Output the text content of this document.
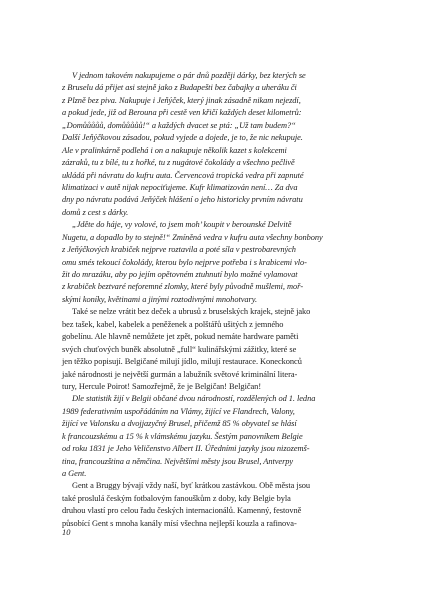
V jednom takovém nakupujeme o pár dnů později dárky, bez kterých se
z Bruselu dá přijet asi stejně jako z Budapešti bez čabajky a uheráku či
z Plzně bez piva. Nakupuje i Jeňýček, který jinak zásadně nikam nejezdí,
a pokud jede, již od Berouna při cestě ven křičí každých deset kilometrů:
„Domůůůůů, domůůůůů!“ a každých dvacet se ptá: „Už tam budem?“
Další Jeňýčkovou zásadou, pokud vyjede a dojede, je to, že nic nekupuje.
Ale v pralinkárně podlehá i on a nakupuje několik kazet s kolekcemi
zázraků, tu z bílé, tu z hořké, tu z nugátové čokolády a všechno pečlivě
ukládá při návratu do kufru auta. Červencová tropická vedra při zapnuté
klimatizaci v autě nijak nepociťujeme. Kufr klimatizován není… Za dva
dny po návratu podává Jeňýček hlášení o jeho historicky prvním návratu
domů z cest s dárky.
„Jděte do háje, vy volové, to jsem moh’ koupit v berounské Delvitě
Nugetu, a dopadlo by to stejně!“ Zmíněná vedra v kufru auta všechny bonbony
z Jeňýčkových krabiček nejprve roztavila a poté síla v pestrobarevných
omu smés tekoucí čokolády, kterou bylo nejprve potřeba i s krabicemi vlo-
žit do mrazáku, aby po jejím opětovném ztuhnutí bylo možné vylamovat
z krabiček beztvaré neforemné zlomky, které byly původně mušlemi, moř-
skými koníky, květinami a jinými roztodivnými mnohotvary.
Také se nelze vrátit bez deček a ubrusů z bruselských krajek, stejně jako
bez tašek, kabel, kabelek a peněženek a polštářů ušitých z jemného
gobelínu. Ale hlavně nemůžete jet zpět, pokud nemáte hardware paměti
svých chuťových buněk absolutně „full“ kulinářskými zážitky, které se
jen těžko popisují. Belgičané milují jídlo, milují restaurace. Koneckonců
jaké národnosti je největší gurmán a labužník světové kriminální litera-
tury, Hercule Poirot! Samozřejmě, že je Belgičan! Belgičan!
Dle statistik žijí v Belgii občané dvou národností, rozdělených od 1. ledna
1989 federativním uspořádáním na Vlámy, žijící ve Flandrech, Valony,
žijící ve Valonsku a dvojjazyčný Brusel, přičemž 85 % obyvatel se hlásí
k francouzskému a 15 % k vlámskému jazyku. Šestým panovníkem Belgie
od roku 1831 je Jeho Veličenstvo Albert II. Úředními jazyky jsou nizozemš-
tina, francouzština a němčina. Největšími městy jsou Brusel, Antverpy
a Gent.
Gent a Bruggy bývají vždy naší, byť krátkou zastávkou. Obě města jsou
také proslulá českým fotbalovým fanouškům z doby, kdy Belgie byla
druhou vlastí pro celou řadu českých internacionálů. Kamenný, festovně
působící Gent s mnoha kanály mísí všechna nejlepší kouzla a rafinova-
10
